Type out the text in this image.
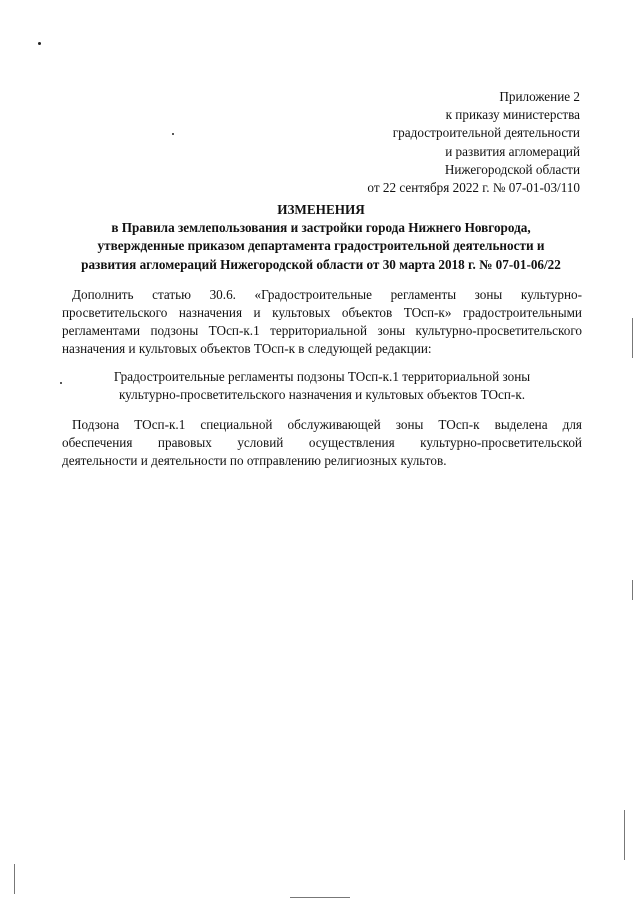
Приложение 2
к приказу министерства
градостроительной деятельности
и развития агломераций
Нижегородской области
от 22 сентября 2022 г. № 07-01-03/110
ИЗМЕНЕНИЯ
в Правила землепользования и застройки города Нижнего Новгорода,
утвержденные приказом департамента градостроительной деятельности и
развития агломераций Нижегородской области от 30 марта 2018 г. № 07-01-06/22
Дополнить статью 30.6. «Градостроительные регламенты зоны культурно-
просветительского назначения и культовых объектов ТОсп-к» градостроительными
регламентами подзоны ТОсп-к.1 территориальной зоны культурно-просветительского
назначения и культовых объектов ТОсп-к в следующей редакции:
Градостроительные регламенты подзоны ТОсп-к.1 территориальной зоны
культурно-просветительского назначения и культовых объектов ТОсп-к.
Подзона ТОсп-к.1 специальной обслуживающей зоны ТОсп-к выделена для
обеспечения правовых условий осуществления культурно-просветительской
деятельности и деятельности по отправлению религиозных культов.
